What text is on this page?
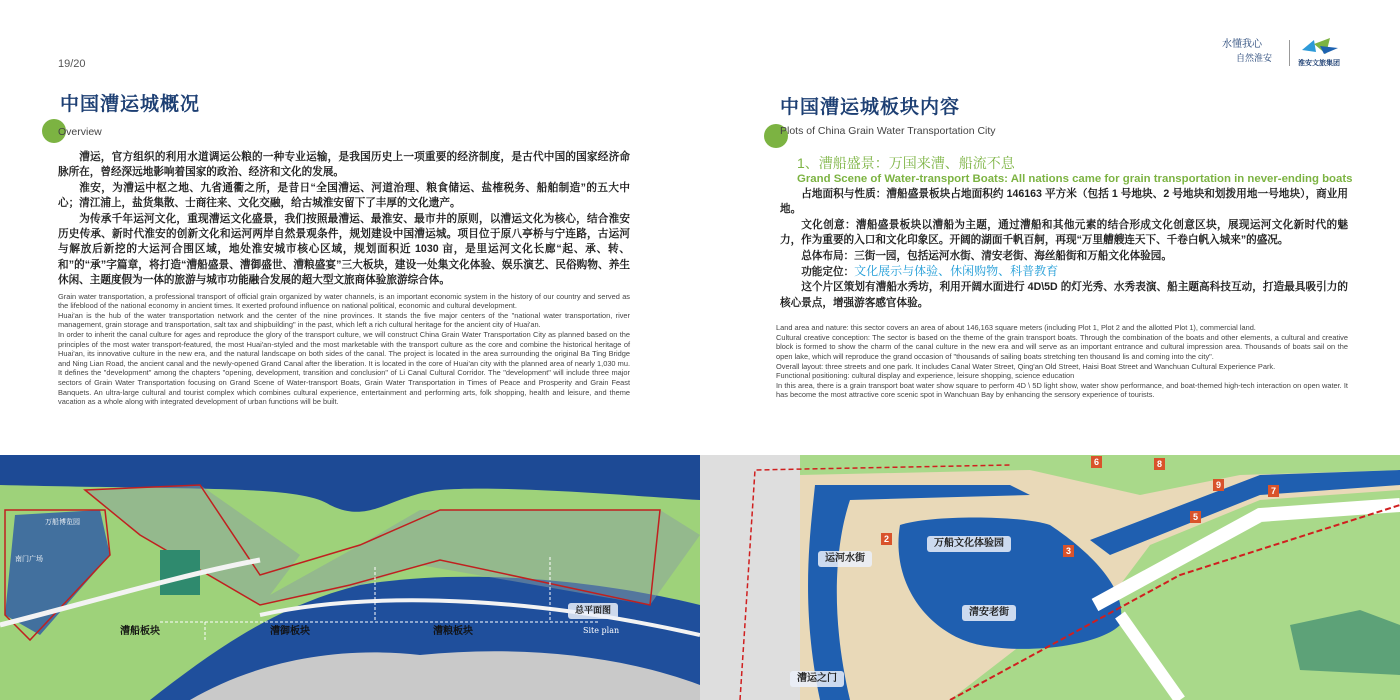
19/20
中国漕运城概况
Overview

漕运，官方组织的利用水道调运公粮的一种专业运输，是我国历史上一项重要的经济制度，是古代中国的国家经济命脉所在，曾经深远地影响着国家的政治、经济和文化的发展。

淮安，为漕运中枢之地、九省通衢之所，是昔日“全国漕运、河道治理、粮食储运、盐榷税务、船舶制造”的五大中心；清江浦上，盐货集散、士商往来、文化交融，给古城淮安留下了丰厚的文化遗产。

为传承千年运河文化，重现漕运文化盛景，我们按照最漕运、最淮安、最市井的原则，以漕运文化为核心，结合淮安历史传承、新时代淮安的创新文化和运河两岸自然景观条件，规划建设中国漕运城。项目位于原八亭桥与宁连路，古运河与解放后新挖的大运河合围区域，地处淮安城市核心区域，规划面积近 1030 亩，是里运河文化长廊“起、承、转、和”的“承”字篇章，将打造“漕船盛景、漕御盛世、漕粮盛宴”三大板块，建设一处集文化体验、娱乐演艺、民俗购物、养生休闲、主题度假为一体的旅游与城市功能融合发展的超大型文旅商体验旅游综合体。

Grain water transportation, a professional transport of official grain organized by water channels, is an important economic system in the history of our country and served as the lifeblood of the national economy in ancient times. It exerted profound influence on national political, economic and cultural development.

Huai'an is the hub of the water transportation network and the center of the nine provinces. It stands the five major centers of the "national water transportation, river management, grain storage and transportation, salt tax and shipbuilding" in the past, which left a rich cultural heritage for the ancient city of Huai'an.

In order to inherit the canal culture for ages and reproduce the glory of the transport culture, we will construct China Grain Water Transportation City as planned based on the principles of the most water transport-featured, the most Huai'an-styled and the most marketable with the transport culture as the core and combine the historical heritage of Huai'an, its innovative culture in the new era, and the natural landscape on both sides of the canal. The project is located in the area surrounding the original Ba Ting Bridge and Ning Lian Road, the ancient canal and the newly-opened Grand Canal after the liberation. It is located in the core of Huai'an city with the planned area of nearly 1,030 mu. It defines the "development" among the chapters "opening, development, transition and conclusion" of Li Canal Cultural Corridor. The "development" will include three major sectors of Grain Water Transportation focusing on Grand Scene of Water-transport Boats, Grain Water Transportation in Times of Peace and Prosperity and Grain Feast Banquets. An ultra-large cultural and tourist complex which combines cultural experience, entertainment and performing arts, folk shopping, health and leisure, and theme vacation as a whole along with integrated development of urban functions will be built.

漕船板块	漕御板块	漕粮板块
总平面图
Site plan
万船博览园
南门广场
水懂我心
自然淮安	淮安文旅集团
中国漕运城板块内容
Plots of China Grain Water Transportation City
1、漕船盛景：万国来漕、船流不息
Grand Scene of Water-transport Boats: All nations came for grain transportation in never-ending boats

占地面积与性质：漕船盛景板块占地面积约 146163 平方米（包括 1 号地块、2 号地块和划拨用地一号地块），商业用地。

文化创意：漕船盛景板块以漕船为主题，通过漕船和其他元素的结合形成文化创意区块，展现运河文化新时代的魅力，作为重要的入口和文化印象区。开阔的湖面千帆百舸，再现“万里艚艘连天下、千卷白帆入城来”的盛况。

总体布局：三街一园，包括运河水街、清安老街、海丝船街和万船文化体验园。

功能定位：文化展示与体验、休闲购物、科普教育

这个片区策划有漕船水秀坊，利用开阔水面进行 4D\5D 的灯光秀、水秀表演、船主题高科技互动，打造最具吸引力的核心景点，增强游客感官体验。

Land area and nature: this sector covers an area of about 146,163 square meters (including Plot 1, Plot 2 and the allotted Plot 1), commercial land.

Cultural creative conception: The sector is based on the theme of the grain transport boats. Through the combination of the boats and other elements, a cultural and creative block is formed to show the charm of the canal culture in the new era and will serve as an important entrance and cultural impression area. Thousands of boats sail on the open lake, which will reproduce the grand occasion of "thousands of sailing boats stretching ten thousand lis and coming into the city".

Overall layout: three streets and one park. It includes Canal Water Street, Qing'an Old Street, Haisi Boat Street and Wanchuan Cultural Experience Park.

Functional positioning: cultural display and experience, leisure shopping, science education

In this area, there is a grain transport boat water show square to perform 4D \ 5D light show, water show performance, and boat-themed high-tech interaction on open water. It has become the most attractive core scenic spot in Wanchuan Bay by enhancing the sensory experience of tourists.

万船文化体验园
运河水街
清安老街
漕运之门
2
3
5
6
7
8
9
